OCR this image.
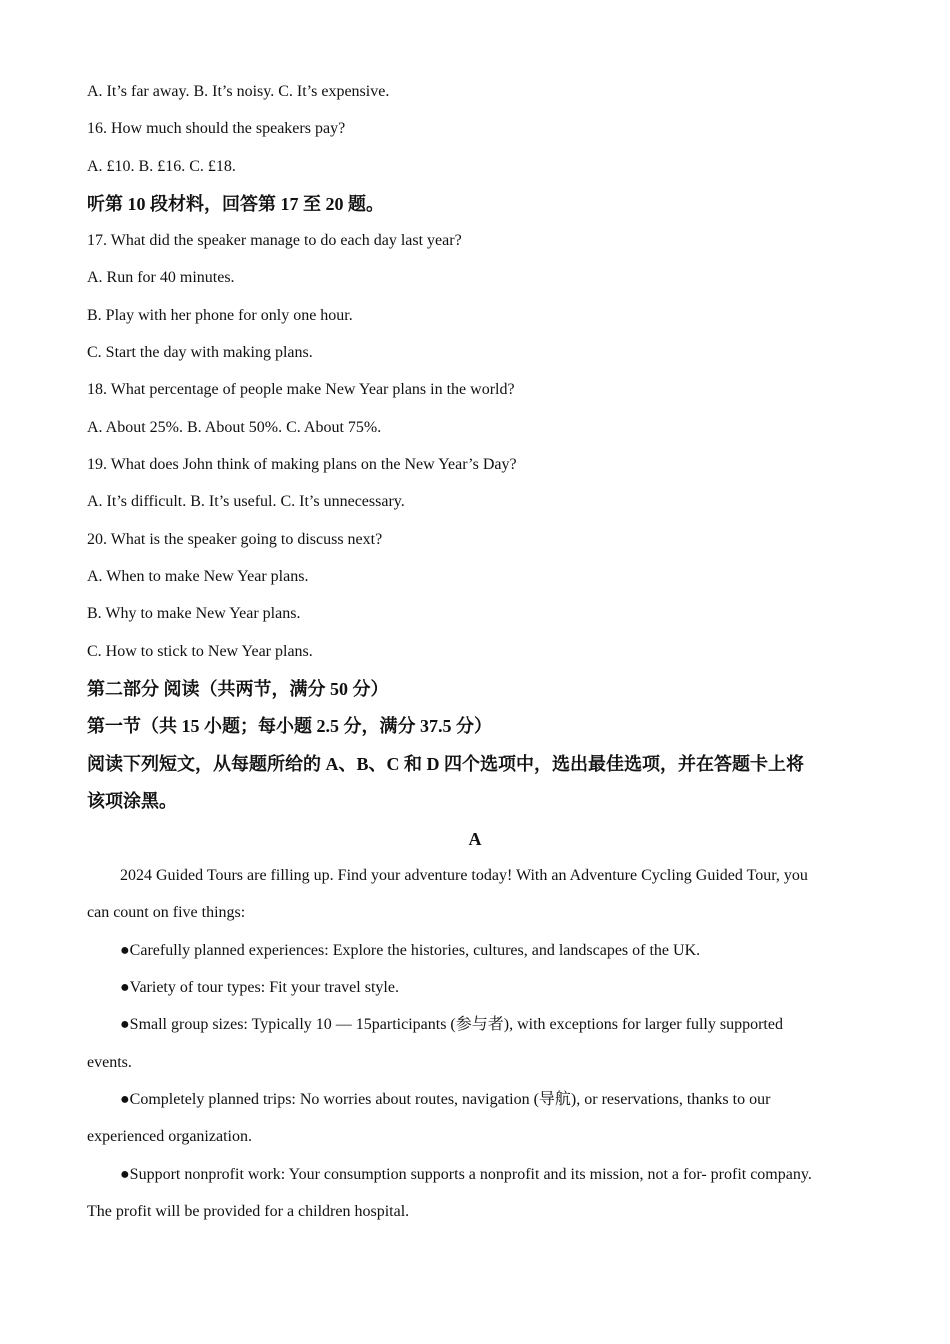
A. It’s far away. B. It’s noisy. C. It’s expensive.
16. How much should the speakers pay?
A. £10. B. £16. C. £18.
听第 10 段材料，回答第 17 至 20 题。
17. What did the speaker manage to do each day last year?
A. Run for 40 minutes.
B. Play with her phone for only one hour.
C. Start the day with making plans.
18. What percentage of people make New Year plans in the world?
A. About 25%. B. About 50%. C. About 75%.
19. What does John think of making plans on the New Year’s Day?
A. It’s difficult. B. It’s useful. C. It’s unnecessary.
20. What is the speaker going to discuss next?
A. When to make New Year plans.
B. Why to make New Year plans.
C. How to stick to New Year plans.
第二部分 阅读（共两节，满分 50 分）
第一节（共 15 小题；每小题 2.5 分，满分 37.5 分）
阅读下列短文，从每题所给的 A、B、C 和 D 四个选项中，选出最佳选项，并在答题卡上将
该项涂黑。
A
2024 Guided Tours are filling up. Find your adventure today! With an Adventure Cycling Guided Tour, you
can count on five things:
●Carefully planned experiences: Explore the histories, cultures, and landscapes of the UK.
●Variety of tour types: Fit your travel style.
●Small group sizes: Typically 10 — 15participants (参与者), with exceptions for larger fully supported
events.
●Completely planned trips: No worries about routes, navigation (导航), or reservations, thanks to our
experienced organization.
●Support nonprofit work: Your consumption supports a nonprofit and its mission, not a for- profit company.
The profit will be provided for a children hospital.
